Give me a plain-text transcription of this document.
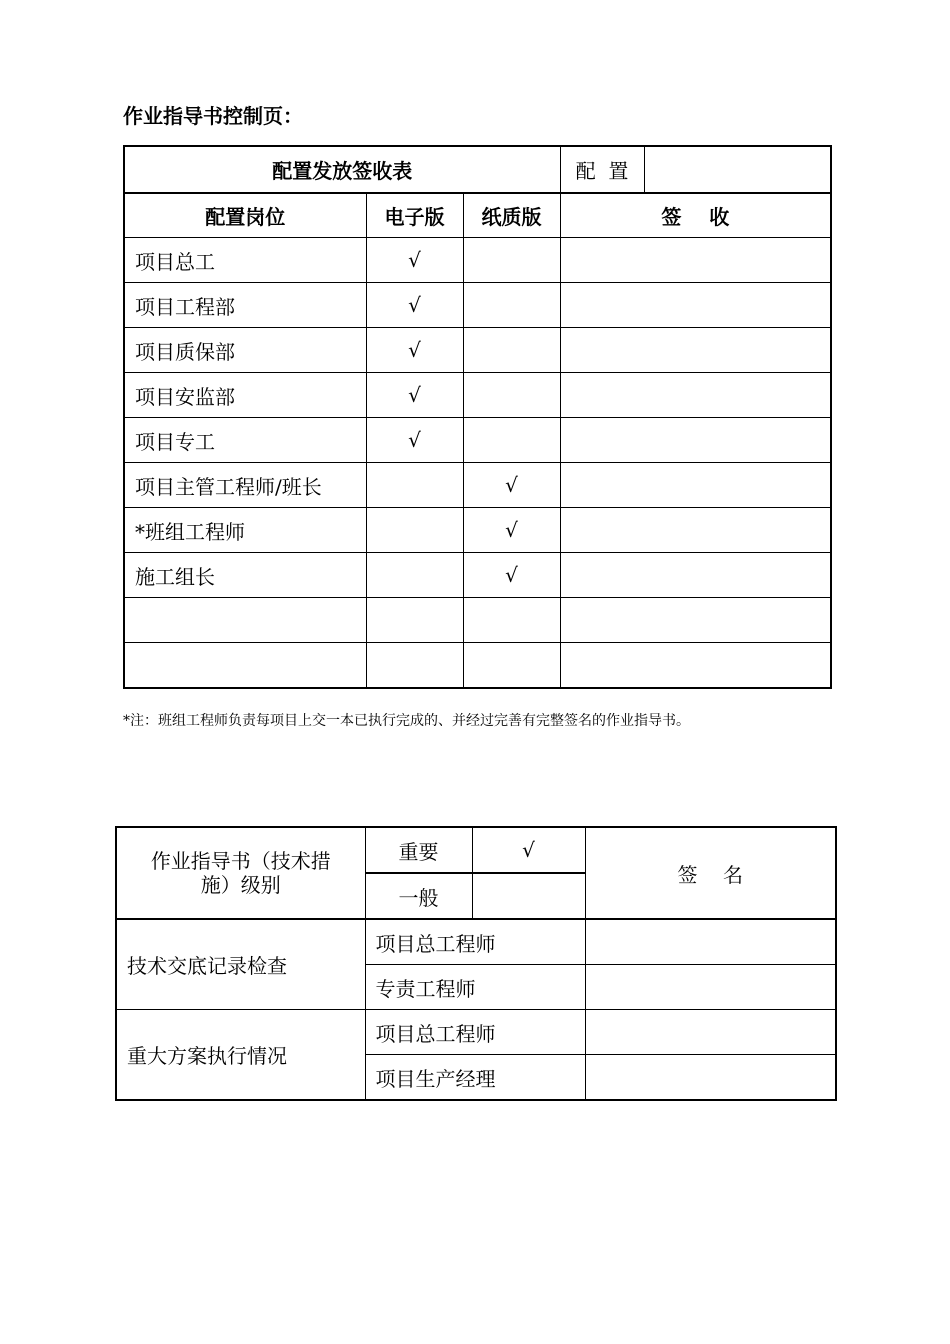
作业指导书控制页：
配置发放签收表			配  置	
配置岗位	电子版	纸质版	签    收	
项目总工	√			
项目工程部	√			
项目质保部	√			
项目安监部	√			
项目专工	√			
项目主管工程师/班长		√		
*班组工程师		√		
施工组长		√		

*注：班组工程师负责每项目上交一本已执行完成的、并经过完善有完整签名的作业指导书。
作业指导书（技术措施）级别	重要	√	签    名
	一般		
技术交底记录检查	项目总工程师		
	专责工程师		
重大方案执行情况	项目总工程师		
	项目生产经理		
